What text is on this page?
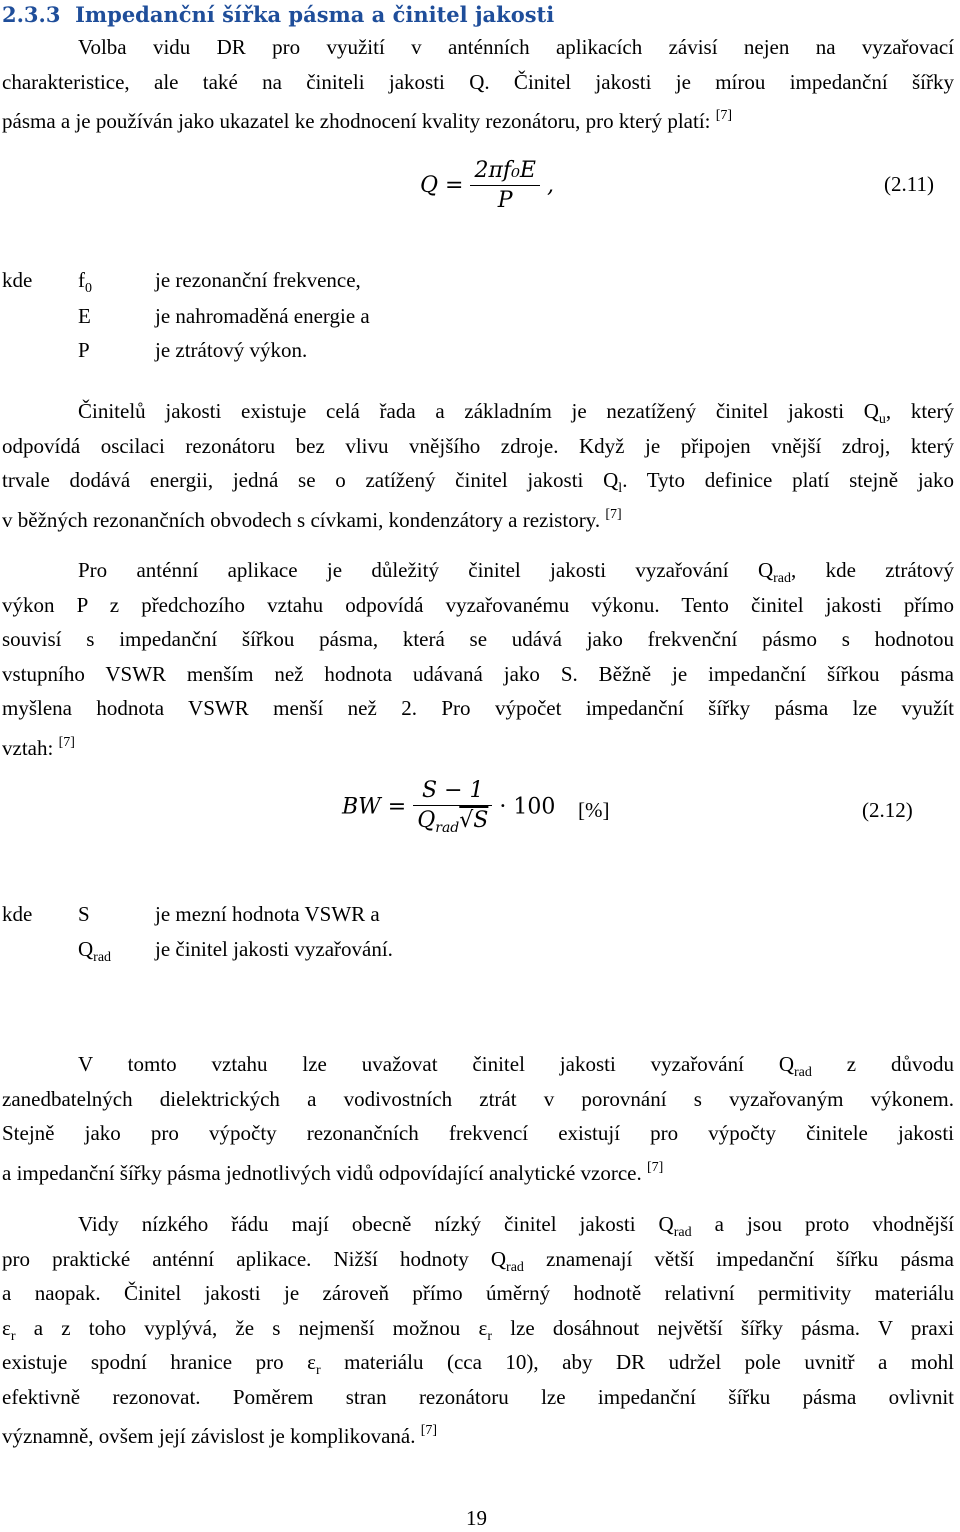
2.3.3 Impedanční šířka pásma a činitel jakosti
Volba vidu DR pro využití v anténních aplikacích závisí nejen na vyzařovací
charakteristice, ale také na činiteli jakosti Q. Činitel jakosti je mírou impedanční šířky
pásma a je používán jako ukazatel ke zhodnocení kvality rezonátoru, pro který platí: [7]
$Q = \frac{\text{2πf₀E}}{P}$ ,	(2.11)
kde $f_0$	je rezonanční frekvence,
E	je nahromaděná energie a
P	je ztrátový výkon.
Činitelů jakosti existuje celá řada a základním je nezatížený činitel jakosti $Q_u$, který
odpovídá oscilaci rezonátoru bez vlivu vnějšího zdroje. Když je připojen vnější zdroj, který
trvale dodává energii, jedná se o zatížený činitel jakosti $Q_l$. Tyto definice platí stejně jako
v běžných rezonančních obvodech s cívkami, kondenzátory a rezistory. [7]
Pro anténní aplikace je důležitý činitel jakosti vyzařování $Q_{rad}$, kde ztrátový
výkon P z předchozího vztahu odpovídá vyzařovanému výkonu. Tento činitel jakosti přímo
souvisí s impedanční šířkou pásma, která se udává jako frekvenční pásmo s hodnotou
vstupního VSWR menším než hodnota udávaná jako S. Běžně je impedanční šířkou pásma
myšlena hodnota VSWR menší než 2. Pro výpočet impedanční šířky pásma lze využít
vztah: [7]
BW = $\frac{S - 1}{Q_{rad}√S} \cdot 100$ [%]	(2.12)
kde S	je mezní hodnota VSWR a
$Q_{rad}$ je činitel jakosti vyzařování.
V tomto vztahu lze uvažovat činitel jakosti vyzařování $Q_{rad}$ z důvodu
zanedbatelných dielektrických a vodivostních ztrát v porovnání s vyzařovaným výkonem.
Stejně jako pro výpočty rezonančních frekvencí existují pro výpočty činitele jakosti
a impedanční šířky pásma jednotlivých vidů odpovídající analytické vzorce. [7]
Vidy nízkého řádu mají obecně nízký činitel jakosti $Q_{rad}$ a jsou proto vhodnější
pro praktické anténní aplikace. Nižší hodnoty $Q_{rad}$ znamenají větší impedanční šířku pásma
a naopak. Činitel jakosti je zároveň přímo úměrný hodnotě relativní permitivity materiálu
$\varepsilon_r$ a z toho vyplývá, že s nejmenší možnou $\varepsilon_r$ lze dosáhnout největší šířky pásma. V praxi
existuje spodní hranice pro $\varepsilon_r$ materiálu (cca 10), aby DR udržel pole uvnitř a mohl
efektivně rezonovat. Poměrem stran rezonátoru lze impedanční šířku pásma ovlivnit
významně, ovšem její závislost je komplikovaná. [7]
19
